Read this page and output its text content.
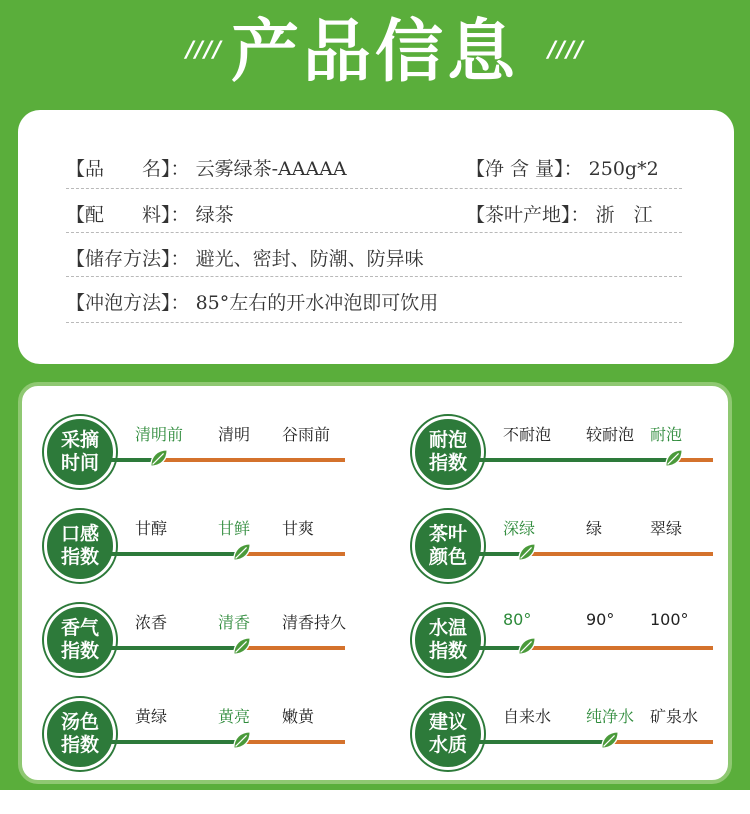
//// 产品信息	////
【品　　名】： 云雾绿茶-AAAAA	【净 含 量】： 250g*2
【配　　料】： 绿茶	【茶叶产地】： 浙　江
【储存方法】： 避光、密封、防潮、防异味
【冲泡方法】： 85°左右的开水冲泡即可饮用
采摘
时间
清明前 清明 谷雨前	耐泡
指数
不耐泡 较耐泡 耐泡
口感
指数
甘醇	甘鲜 甘爽	茶叶
颜色
深绿	绿	翠绿
香气
指数
浓香	清香 清香持久	水温
指数
80°	90° 100°
汤色
指数
黄绿	黄亮 嫩黄	建议
水质
自来水 纯净水 矿泉水
